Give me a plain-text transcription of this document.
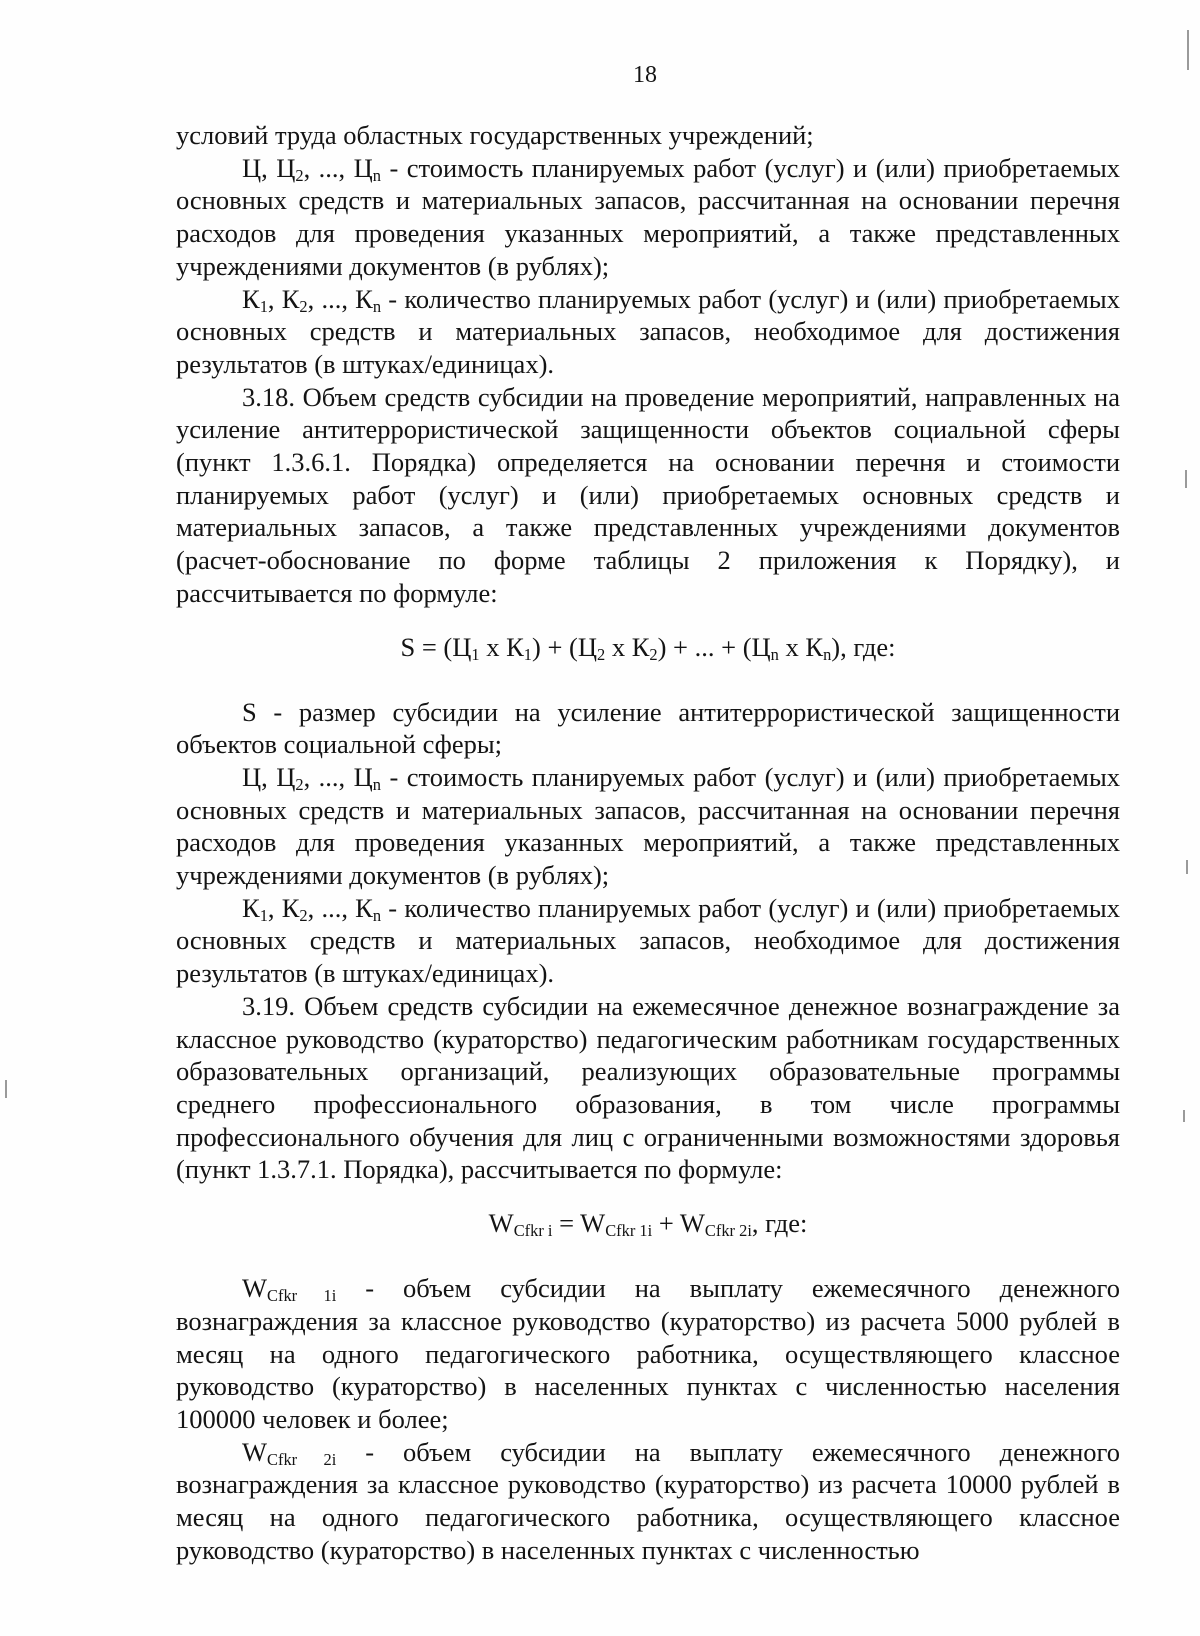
18

условий труда областных государственных учреждений;

Ц, $Ц_2$, ..., $Ц_n$ - стоимость планируемых работ (услуг) и (или) приобретаемых основных средств и материальных запасов, рассчитанная на основании перечня расходов для проведения указанных мероприятий, а также представленных учреждениями документов (в рублях);

$К_1$, $К_2$, ..., $К_n$ - количество планируемых работ (услуг) и (или) приобретаемых основных средств и материальных запасов, необходимое для достижения результатов (в штуках/единицах).

3.18. Объем средств субсидии на проведение мероприятий, направленных на усиление антитеррористической защищенности объектов социальной сферы (пункт 1.3.6.1. Порядка) определяется на основании перечня и стоимости планируемых работ (услуг) и (или) приобретаемых основных средств и материальных запасов, а также представленных учреждениями документов (расчет-обоснование по форме таблицы 2 приложения к Порядку), и рассчитывается по формуле:

$S = (Ц_1$ x $К_1) + (Ц_2$ x $К_2$) + ... + ($Ц_n$ x $К_n$), где:

S - размер субсидии на усиление антитеррористической защищенности объектов социальной сферы;

Ц, $Ц_2$, ..., $Ц_n$ - стоимость планируемых работ (услуг) и (или) приобретаемых основных средств и материальных запасов, рассчитанная на основании перечня расходов для проведения указанных мероприятий, а также представленных учреждениями документов (в рублях);

$К_1$, $К_2$, ..., $К_n$ - количество планируемых работ (услуг) и (или) приобретаемых основных средств и материальных запасов, необходимое для достижения результатов (в штуках/единицах).

3.19. Объем средств субсидии на ежемесячное денежное вознаграждение за классное руководство (кураторство) педагогическим работникам государственных образовательных организаций, реализующих образовательные программы среднего профессионального образования, в том числе программы профессионального обучения для лиц с ограниченными возможностями здоровья (пункт 1.3.7.1. Порядка), рассчитывается по формуле:

$W_{Cfkr i} = W_{Cfkr 1i} + W_{Cfkr 2i}$, где:

$W_{Cfkr 1i}$ - объем субсидии на выплату ежемесячного денежного вознаграждения за классное руководство (кураторство) из расчета 5000 рублей в месяц на одного педагогического работника, осуществляющего классное руководство (кураторство) в населенных пунктах с численностью населения 100000 человек и более;

$W_{Cfkr 2i}$ - объем субсидии на выплату ежемесячного денежного вознаграждения за классное руководство (кураторство) из расчета 10000 рублей в месяц на одного педагогического работника, осуществляющего классное руководство (кураторство) в населенных пунктах с численностью
